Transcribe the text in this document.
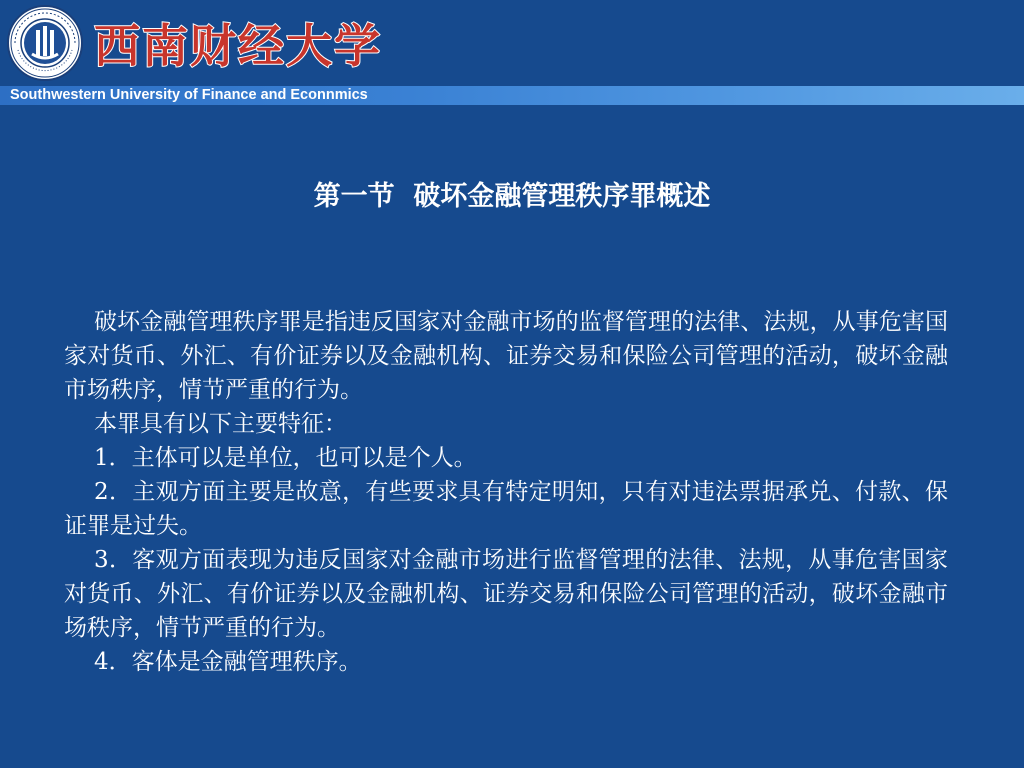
西南财经大学
Southwestern University of Finance and Econnmics
第一节  破坏金融管理秩序罪概述

破坏金融管理秩序罪是指违反国家对金融市场的监督管理的法律、法规，从事危害国家对货币、外汇、有价证券以及金融机构、证券交易和保险公司管理的活动，破坏金融市场秩序，情节严重的行为。

本罪具有以下主要特征：

1．主体可以是单位，也可以是个人。

2．主观方面主要是故意，有些要求具有特定明知，只有对违法票据承兑、付款、保证罪是过失。

3．客观方面表现为违反国家对金融市场进行监督管理的法律、法规，从事危害国家对货币、外汇、有价证券以及金融机构、证券交易和保险公司管理的活动，破坏金融市场秩序，情节严重的行为。

4．客体是金融管理秩序。
